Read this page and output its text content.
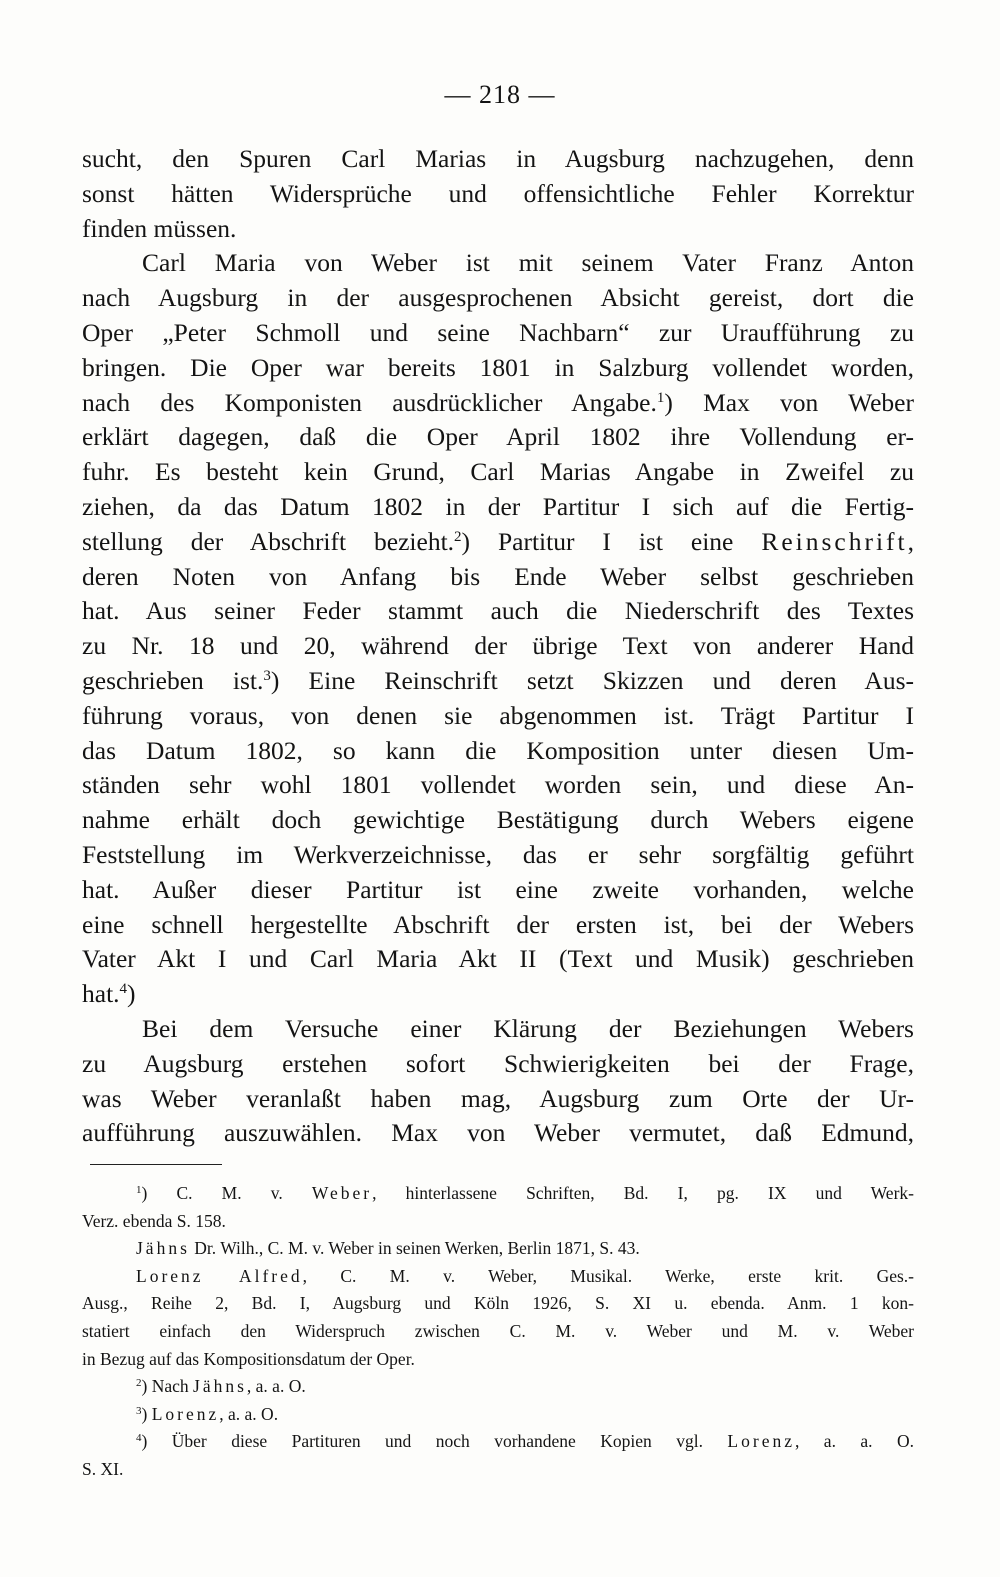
— 218 —
sucht, den Spuren Carl Marias in Augsburg nachzugehen, denn
sonst hätten Widersprüche und offensichtliche Fehler Korrektur
finden müssen.
Carl Maria von Weber ist mit seinem Vater Franz Anton
nach Augsburg in der ausgesprochenen Absicht gereist, dort die
Oper „Peter Schmoll und seine Nachbarn“ zur Uraufführung zu
bringen. Die Oper war bereits 1801 in Salzburg vollendet worden,
nach des Komponisten ausdrücklicher Angabe.$^1$) Max von Weber
erklärt dagegen, daß die Oper April 1802 ihre Vollendung er-
fuhr. Es besteht kein Grund, Carl Marias Angabe in Zweifel zu
ziehen, da das Datum 1802 in der Partitur I sich auf die Fertig-
stellung der Abschrift bezieht.$^2$) Partitur I ist eine Reinschrift,
deren Noten von Anfang bis Ende Weber selbst geschrieben
hat. Aus seiner Feder stammt auch die Niederschrift des Textes
zu Nr. 18 und 20, während der übrige Text von anderer Hand
geschrieben ist.$^3$) Eine Reinschrift setzt Skizzen und deren Aus-
führung voraus, von denen sie abgenommen ist. Trägt Partitur I
das Datum 1802, so kann die Komposition unter diesen Um-
ständen sehr wohl 1801 vollendet worden sein, und diese An-
nahme erhält doch gewichtige Bestätigung durch Webers eigene
Feststellung im Werkverzeichnisse, das er sehr sorgfältig geführt
hat. Außer dieser Partitur ist eine zweite vorhanden, welche
eine schnell hergestellte Abschrift der ersten ist, bei der Webers
Vater Akt I und Carl Maria Akt II (Text und Musik) geschrieben
hat.$^4$)
Bei dem Versuche einer Klärung der Beziehungen Webers
zu Augsburg erstehen sofort Schwierigkeiten bei der Frage,
was Weber veranlaßt haben mag, Augsburg zum Orte der Ur-
aufführung auszuwählen. Max von Weber vermutet, daß Edmund,
$^1$) C. M. v. Weber, hinterlassene Schriften, Bd. I, pg. IX und Werk-
Verz. ebenda S. 158.
Jähns Dr. Wilh., C. M. v. Weber in seinen Werken, Berlin 1871, S. 43.
Lorenz Alfred, C. M. v. Weber, Musikal. Werke, erste krit. Ges.-
Ausg., Reihe 2, Bd. I, Augsburg und Köln 1926, S. XI u. ebenda. Anm. 1 kon-
statiert einfach den Widerspruch zwischen C. M. v. Weber und M. v. Weber
in Bezug auf das Kompositionsdatum der Oper.
$^2$) Nach Jähns, a. a. O.
$^3$) Lorenz, a. a. O.
$^4$) Über diese Partituren und noch vorhandene Kopien vgl. Lorenz, a. a. O.
S. XI.
